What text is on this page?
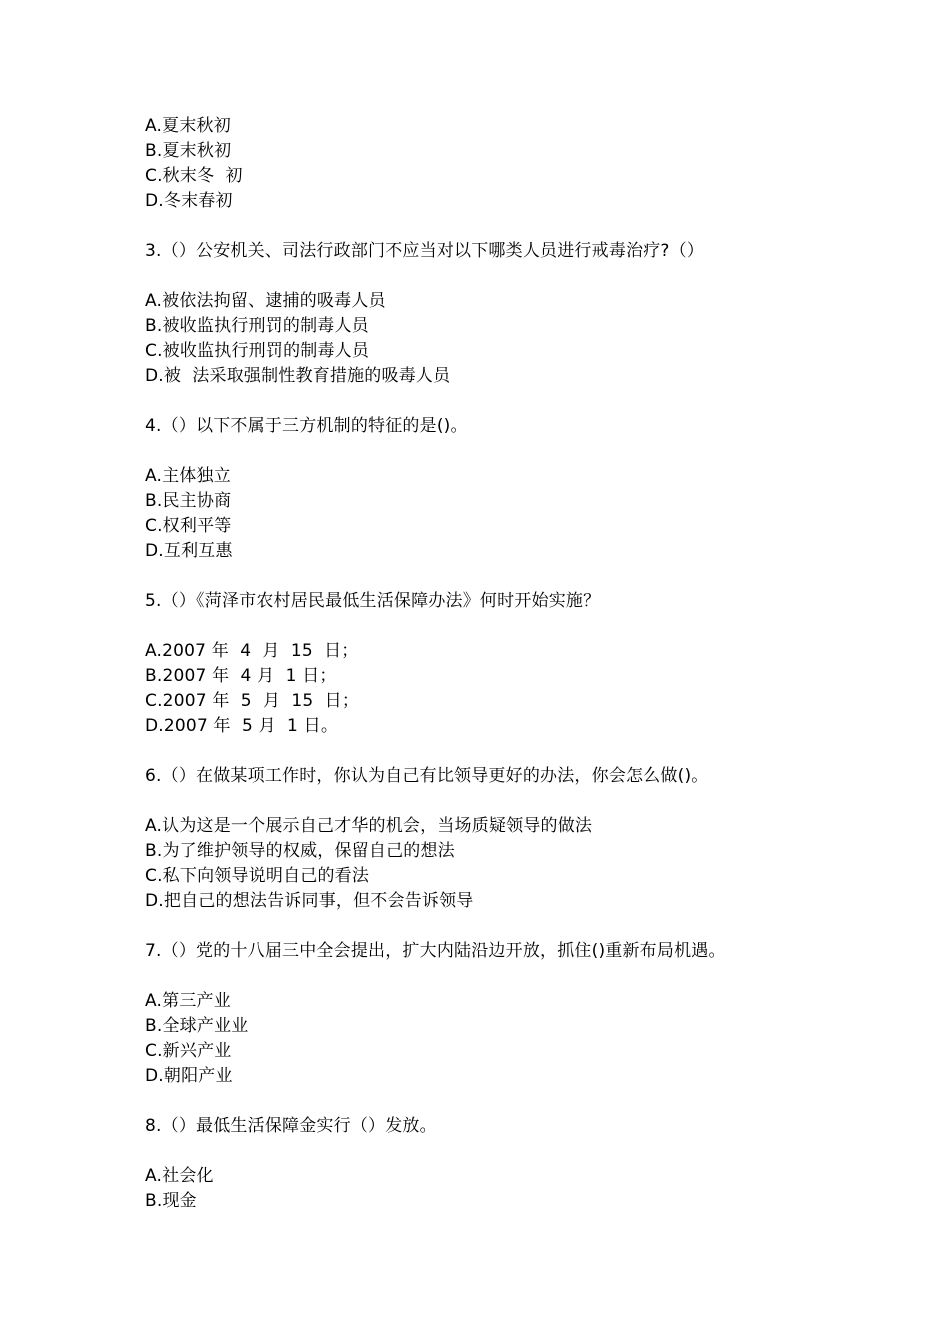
A.夏末秋初
B.夏末秋初
C.秋末冬  初
D.冬末春初
3.（）公安机关、司法行政部门不应当对以下哪类人员进行戒毒治疗?（）
A.被依法拘留、逮捕的吸毒人员
B.被收监执行刑罚的制毒人员
C.被收监执行刑罚的制毒人员
D.被  法采取强制性教育措施的吸毒人员
4.（）以下不属于三方机制的特征的是()。
A.主体独立
B.民主协商
C.权利平等
D.互利互惠
5.（）《菏泽市农村居民最低生活保障办法》何时开始实施？
A.2007 年  4  月  15  日；
B.2007 年  4 月  1 日；
C.2007 年  5  月  15  日；
D.2007 年  5 月  1 日。
6.（）在做某项工作时，你认为自己有比领导更好的办法，你会怎么做()。
A.认为这是一个展示自己才华的机会，当场质疑领导的做法
B.为了维护领导的权威，保留自己的想法
C.私下向领导说明自己的看法
D.把自己的想法告诉同事，但不会告诉领导
7.（）党的十八届三中全会提出，扩大内陆沿边开放，抓住()重新布局机遇。
A.第三产业
B.全球产业业
C.新兴产业
D.朝阳产业
8.（）最低生活保障金实行（）发放。
A.社会化
B.现金
